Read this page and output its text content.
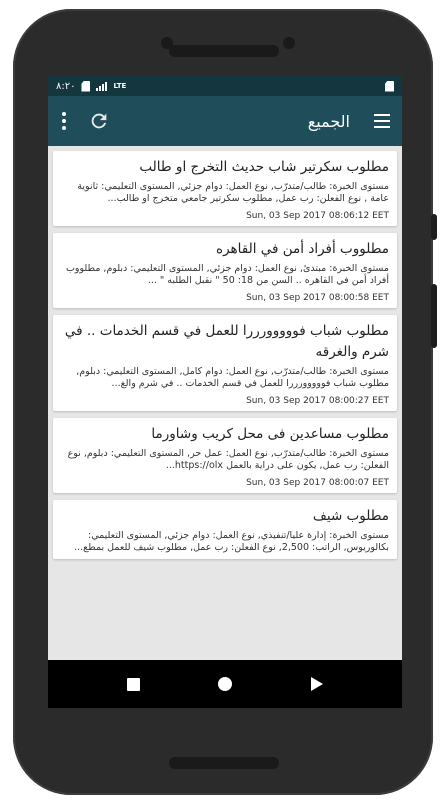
٨:٢٠	LTE
الجميع
مطلوب سكرتير شاب حديث التخرج او طالب
مستوى الخبرة: طالب/متدرّب, نوع العمل: دوام جزئي, المستوى التعليمي: ثانوية عامة , نوع الفعلن: رب عمل, مطلوب سكرتير جامعي متخرج او طالب...
Sun, 03 Sep 2017 08:06:12 EET
مطلووب أفراد أمن في القاهره
مستوى الخبرة: مبتدئ, نوع العمل: دوام جزئي, المستوى التعليمي: دبلوم, مطلووب أفراد أمن في القاهره .. السن من 18: 50 " نقبل الطلبه " ...
Sun, 03 Sep 2017 08:00:58 EET
مطلوب شباب فووووورررا للعمل في قسم الخدمات .. في شرم والغرقه
مستوى الخبرة: طالب/متدرّب, نوع العمل: دوام كامل, المستوى التعليمي: دبلوم, مطلوب شباب فووووورررا للعمل في قسم الخدمات .. في شرم والغ...
Sun, 03 Sep 2017 08:00:27 EET
مطلوب مساعدين فى محل كريب وشاورما
مستوى الخبرة: طالب/متدرّب, نوع العمل: عمل حر, المستوى التعليمي: دبلوم, نوع الفعلن: رب عمل, يكون على دراية بالعمل https://olx...
Sun, 03 Sep 2017 08:00:07 EET
مطلوب شيف
مستوى الخبرة: إدارة عليا/تنفيذي, نوع العمل: دوام جزئي, المستوى التعليمي: بكالوريوس, الراتب: 2,500, نوع الفعلن: رب عمل, مطلوب شيف للعمل بمطع...
